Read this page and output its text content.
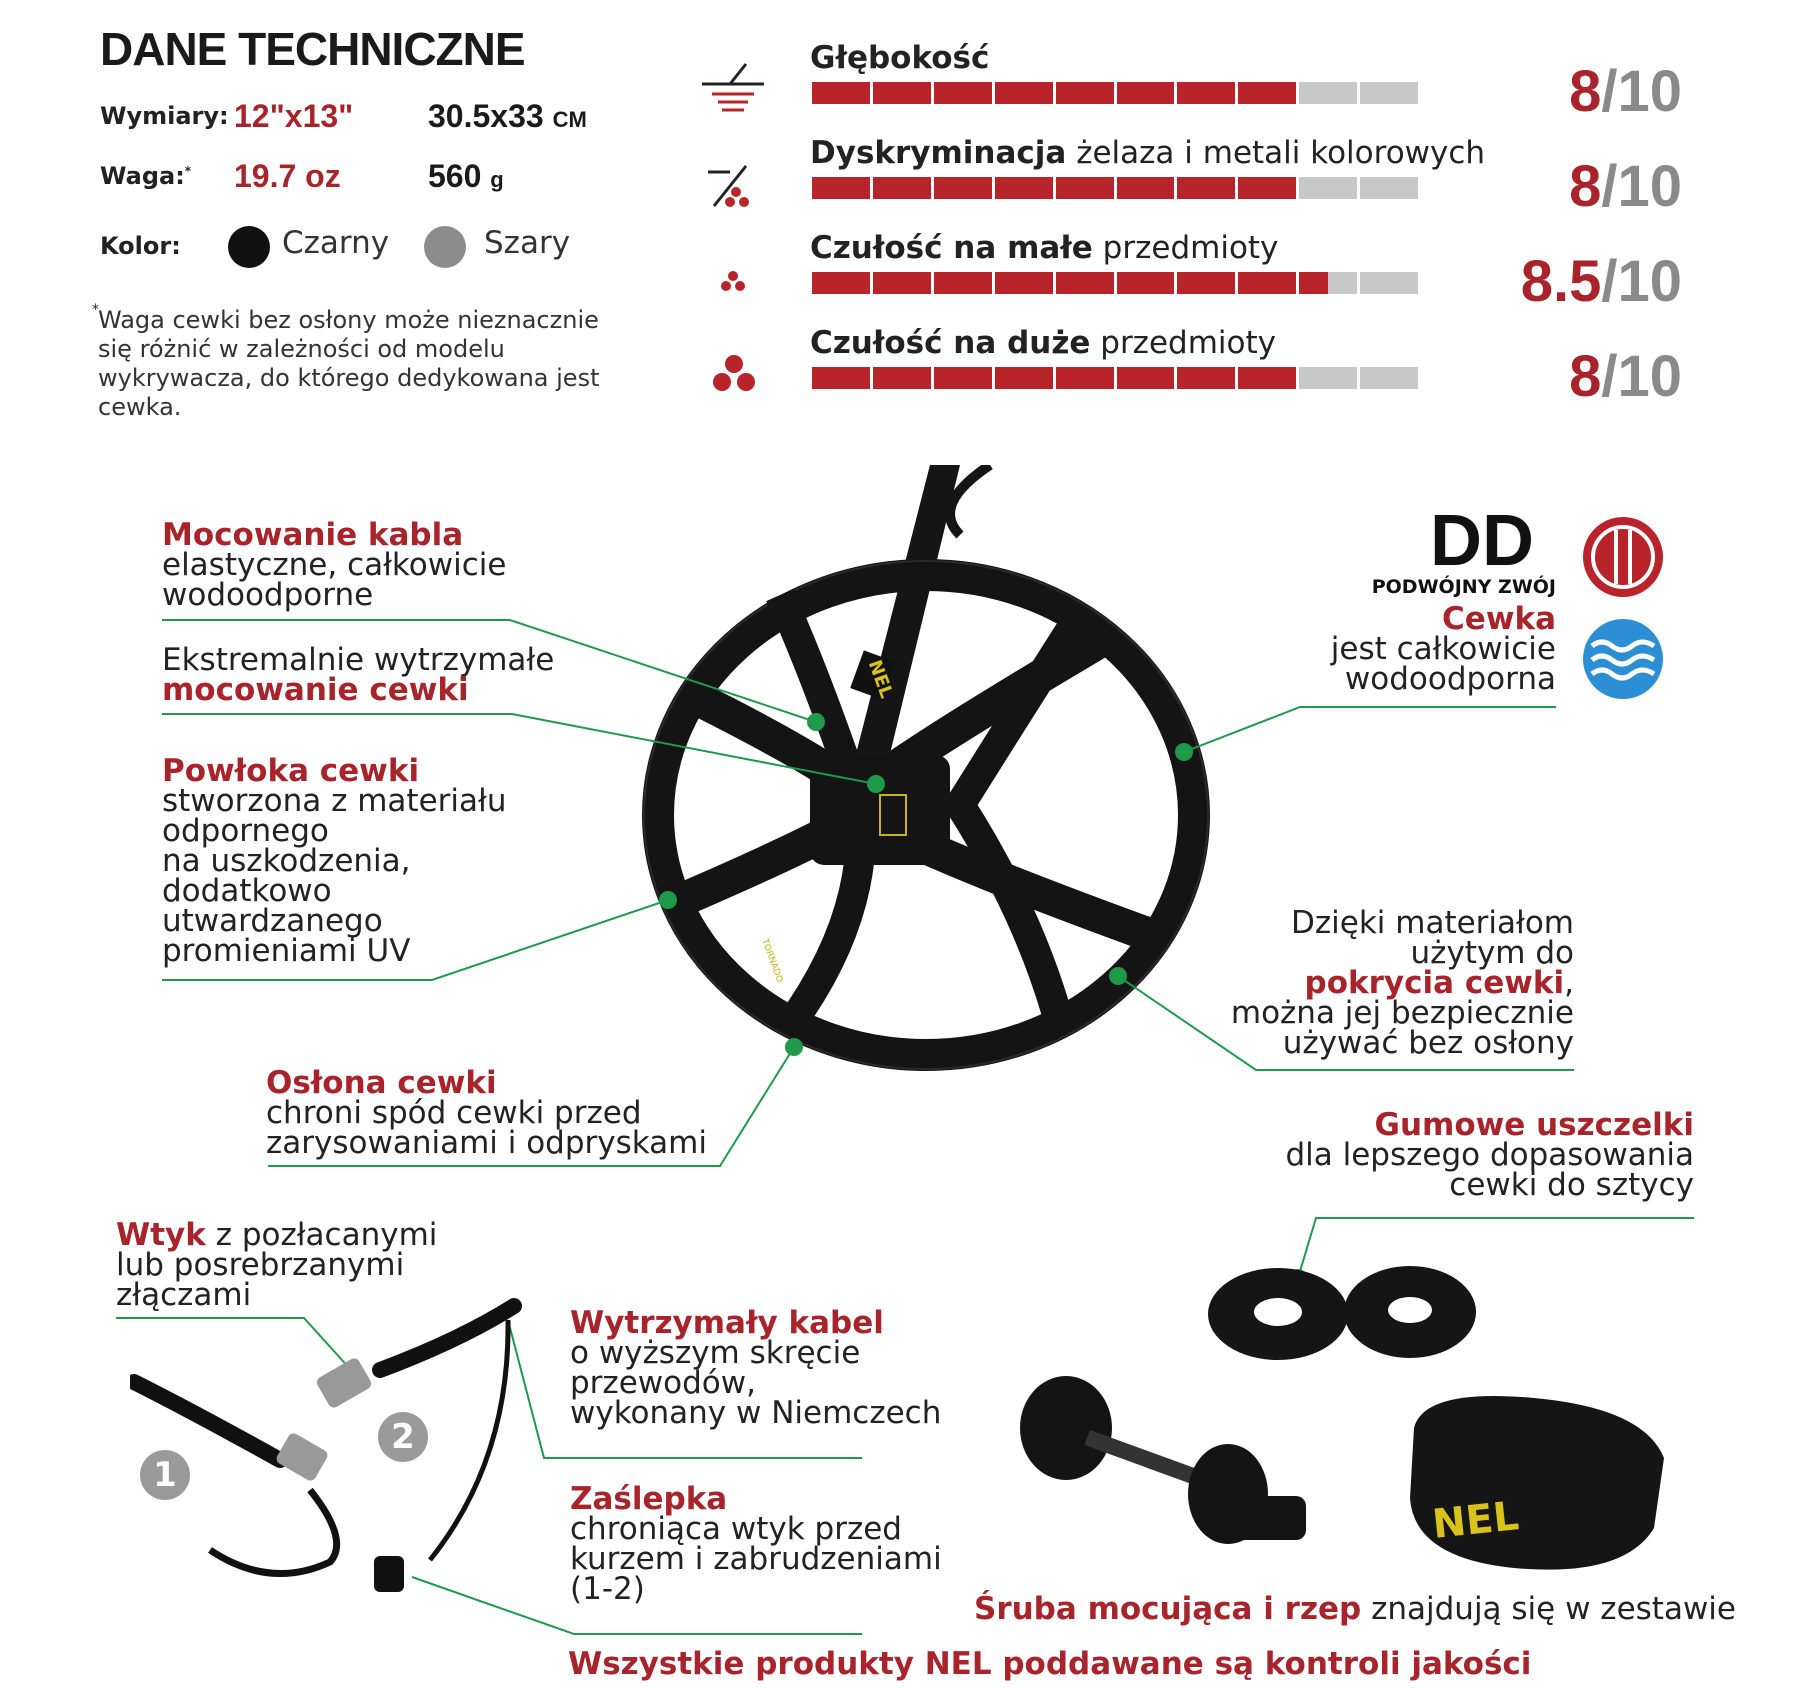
DANE TECHNICZNE
Wymiary: 12"x13" 30.5x33 CM
Waga:* 19.7 oz	560 g
Kolor:	Czarny	Szary
* Waga cewki bez osłony może nieznacznie się różnić w zależności od modelu wykrywacza, do którego dedykowana jest cewka.
Głębokość
8/10
Dyskryminacja żelaza i metali kolorowych
8/10
Czułość na małe przedmioty
8.5/10
Czułość na duże przedmioty
8/10
NEL
TORNADO
Mocowanie kabla
elastyczne, całkowicie
wodoodporne
Ekstremalnie wytrzymałe
mocowanie cewki
Powłoka cewki
stworzona z materiału
odpornego
na uszkodzenia,
dodatkowo
utwardzanego
promieniami UV
Osłona cewki
chroni spód cewki przed
zarysowaniami i odpryskami
DD
PODWÓJNY ZWÓJ
Cewka
jest całkowicie
wodoodporna
Dzięki materiałom
użytym do
pokrycia cewki,
można jej bezpiecznie
używać bez osłony
Gumowe uszczelki
dla lepszego dopasowania
cewki do sztycy
Wtyk z pozłacanymi
lub posrebrzanymi
złączami
1
2
Wytrzymały kabel
o wyższym skręcie
przewodów,
wykonany w Niemczech
Zaślepka
chroniąca wtyk przed
kurzem i zabrudzeniami
(1-2)
NEL
Śruba mocująca i rzep znajdują się w zestawie
Wszystkie produkty NEL poddawane są kontroli jakości
